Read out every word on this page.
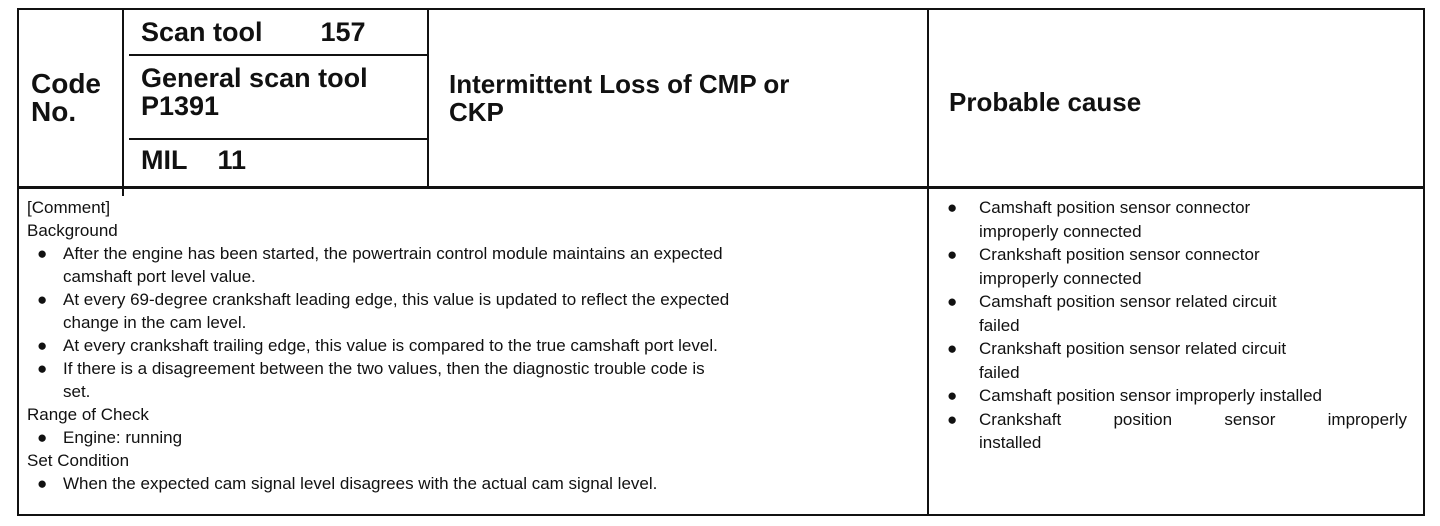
Code
No.
Scan tool 157
General scan tool
P1391
MIL 11
Intermittent Loss of CMP or
CKP	Probable cause
[Comment]
Background
● After the engine has been started, the powertrain control module maintains an expected
camshaft port level value.
● At every 69-degree crankshaft leading edge, this value is updated to reflect the expected
change in the cam level.
● At every crankshaft trailing edge, this value is compared to the true camshaft port level.
● If there is a disagreement between the two values, then the diagnostic trouble code is
set.
Range of Check
● Engine: running
Set Condition
● When the expected cam signal level disagrees with the actual cam signal level.
● Camshaft position sensor connector
improperly connected
● Crankshaft position sensor connector
improperly connected
● Camshaft position sensor related circuit
failed
● Crankshaft position sensor related circuit
failed
● Camshaft position sensor improperly installed
● Crankshaft position sensor improperly
installed
